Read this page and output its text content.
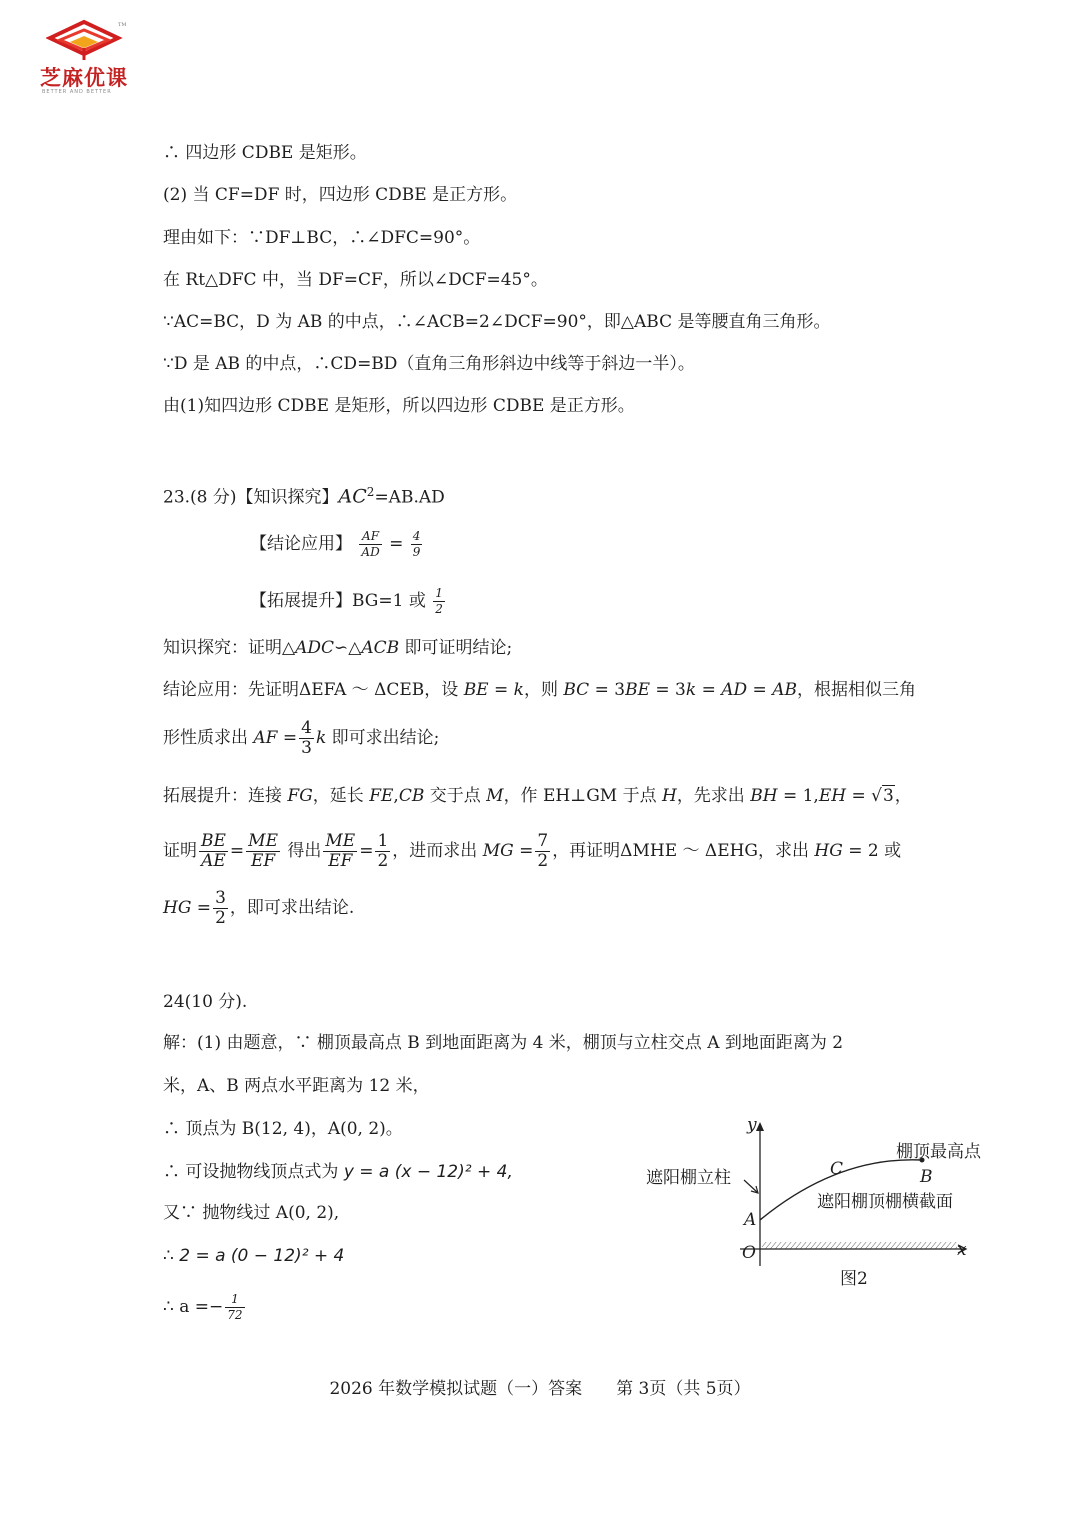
TM
芝麻优课
BETTER AND BETTER
∴ 四边形 CDBE 是矩形。
(2) 当 CF=DF 时，四边形 CDBE 是正方形。
理由如下：∵DF⊥BC，∴∠DFC=90°。
在 Rt△DFC 中，当 DF=CF，所以∠DCF=45°。
∵AC=BC，D 为 AB 的中点，∴∠ACB=2∠DCF=90°，即△ABC 是等腰直角三角形。
∵D 是 AB 的中点，∴CD=BD（直角三角形斜边中线等于斜边一半）。
由(1)知四边形 CDBE 是矩形，所以四边形 CDBE 是正方形。
23.(8 分)【知识探究】$AC^2=AB.AD$
【结论应用】 $\frac{AF}{AD} = \frac{4}{9}$
【拓展提升】BG=1 或 $\frac{1}{2}$
知识探究：证明△ADC∽△ACB 即可证明结论;
结论应用：先证明ΔEFA ～ ΔCEB，设 BE = k，则 BC = 3BE = 3k = AD = AB，根据相似三角
形性质求出 AF = $\frac{4}{3}$ k 即可求出结论;
拓展提升：连接 FG，延长 FE,CB 交于点 M，作 EH⊥GM 于点 H，先求出 BH = 1,EH = √3，
证明 $\frac{BE}{AE} = \frac{ME}{EF}$ 得出 $\frac{ME}{EF} = \frac{1}{2}$ ，进而求出 MG = $\frac{7}{2}$ ，再证明ΔMHE ～ ΔEHG，求出 HG = 2 或
HG = $\frac{3}{2}$ ，即可求出结论.
24(10 分).
解：(1) 由题意，∵ 棚顶最高点 B 到地面距离为 4 米，棚顶与立柱交点 A 到地面距离为 2
米，A、B 两点水平距离为 12 米，
∴ 顶点为 B(12, 4)，A(0, 2)。
∴ 可设抛物线顶点式为 y = a (x − 12)² + 4,
又∵ 抛物线过 A(0, 2),
∴ 2 = a (0 − 12)² + 4
∴ $a =- \frac{1}{72}$
y
x
O
A
B
C
遮阳棚立柱
棚顶最高点
遮阳棚顶棚横截面
图2
2026 年数学模拟试题（一）答案　　第 3页（共 5页）
